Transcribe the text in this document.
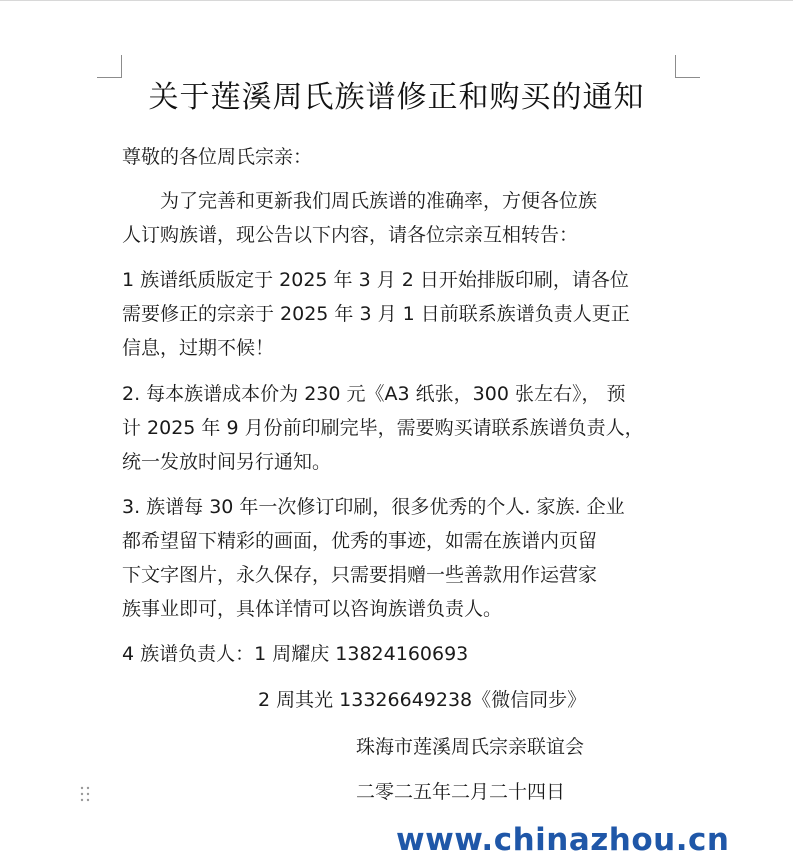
关于莲溪周氏族谱修正和购买的通知
尊敬的各位周氏宗亲：
为了完善和更新我们周氏族谱的准确率，方便各位族
人订购族谱，现公告以下内容，请各位宗亲互相转告：
1 族谱纸质版定于 2025 年 3 月 2 日开始排版印刷，请各位
需要修正的宗亲于 2025 年 3 月 1 日前联系族谱负责人更正
信息，过期不候！
2. 每本族谱成本价为 230 元《A3 纸张，300 张左右》， 预
计 2025 年 9 月份前印刷完毕，需要购买请联系族谱负责人，
统一发放时间另行通知。
3. 族谱每 30 年一次修订印刷，很多优秀的个人. 家族. 企业
都希望留下精彩的画面，优秀的事迹，如需在族谱内页留
下文字图片，永久保存，只需要捐赠一些善款用作运营家
族事业即可，具体详情可以咨询族谱负责人。
4 族谱负责人：1 周耀庆 13824160693
2 周其光 13326649238《微信同步》
珠海市莲溪周氏宗亲联谊会
二零二五年二月二十四日
www.chinazhou.cn
